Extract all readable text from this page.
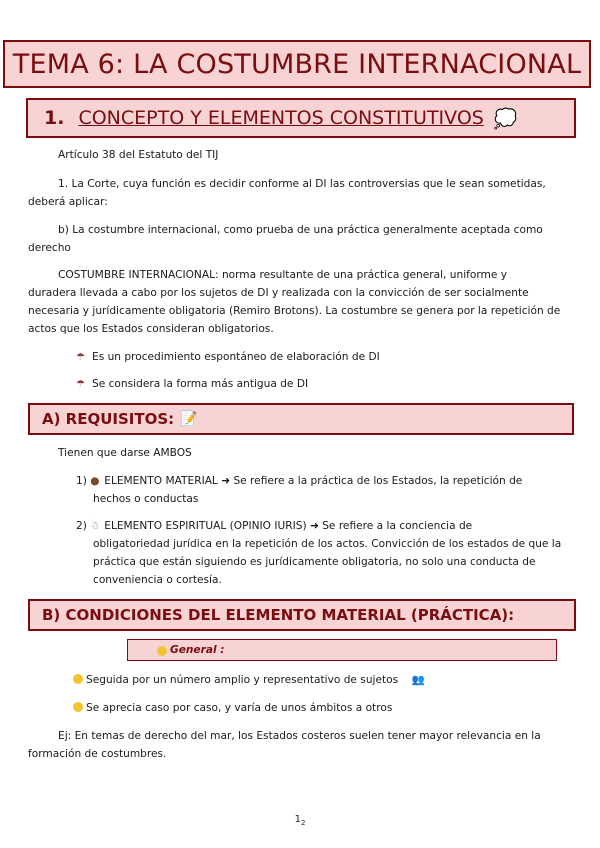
TEMA 6: LA COSTUMBRE INTERNACIONAL
1. CONCEPTO Y ELEMENTOS CONSTITUTIVOS 💭
Artículo 38 del Estatuto del TIJ
1. La Corte, cuya función es decidir conforme al DI las controversias que le sean sometidas,
deberá aplicar:
b) La costumbre internacional, como prueba de una práctica generalmente aceptada como
derecho
COSTUMBRE INTERNACIONAL: norma resultante de una práctica general, uniforme y
duradera llevada a cabo por los sujetos de DI y realizada con la convicción de ser socialmente
necesaria y jurídicamente obligatoria (Remiro Brotons). La costumbre se genera por la repetición de
actos que los Estados consideran obligatorios.
☂ Es un procedimiento espontáneo de elaboración de DI
☂ Se considera la forma más antigua de DI
A) REQUISITOS: 📝
Tienen que darse AMBOS
1) ● ELEMENTO MATERIAL ➜ Se refiere a la práctica de los Estados, la repetición de
hechos o conductas
2) ☃ ELEMENTO ESPIRITUAL (OPINIO IURIS) ➜ Se refiere a la conciencia de
obligatoriedad jurídica en la repetición de los actos. Convicción de los estados de que la
práctica que están siguiendo es jurídicamente obligatoria, no solo una conducta de
conveniencia o cortesía.
B) CONDICIONES DEL ELEMENTO MATERIAL (PRÁCTICA):
General :
Seguida por un número amplio y representativo de sujetos 👥
Se aprecia caso por caso, y varía de unos ámbitos a otros
Ej: En temas de derecho del mar, los Estados costeros suelen tener mayor relevancia en la
formación de costumbres.
$1_2$
